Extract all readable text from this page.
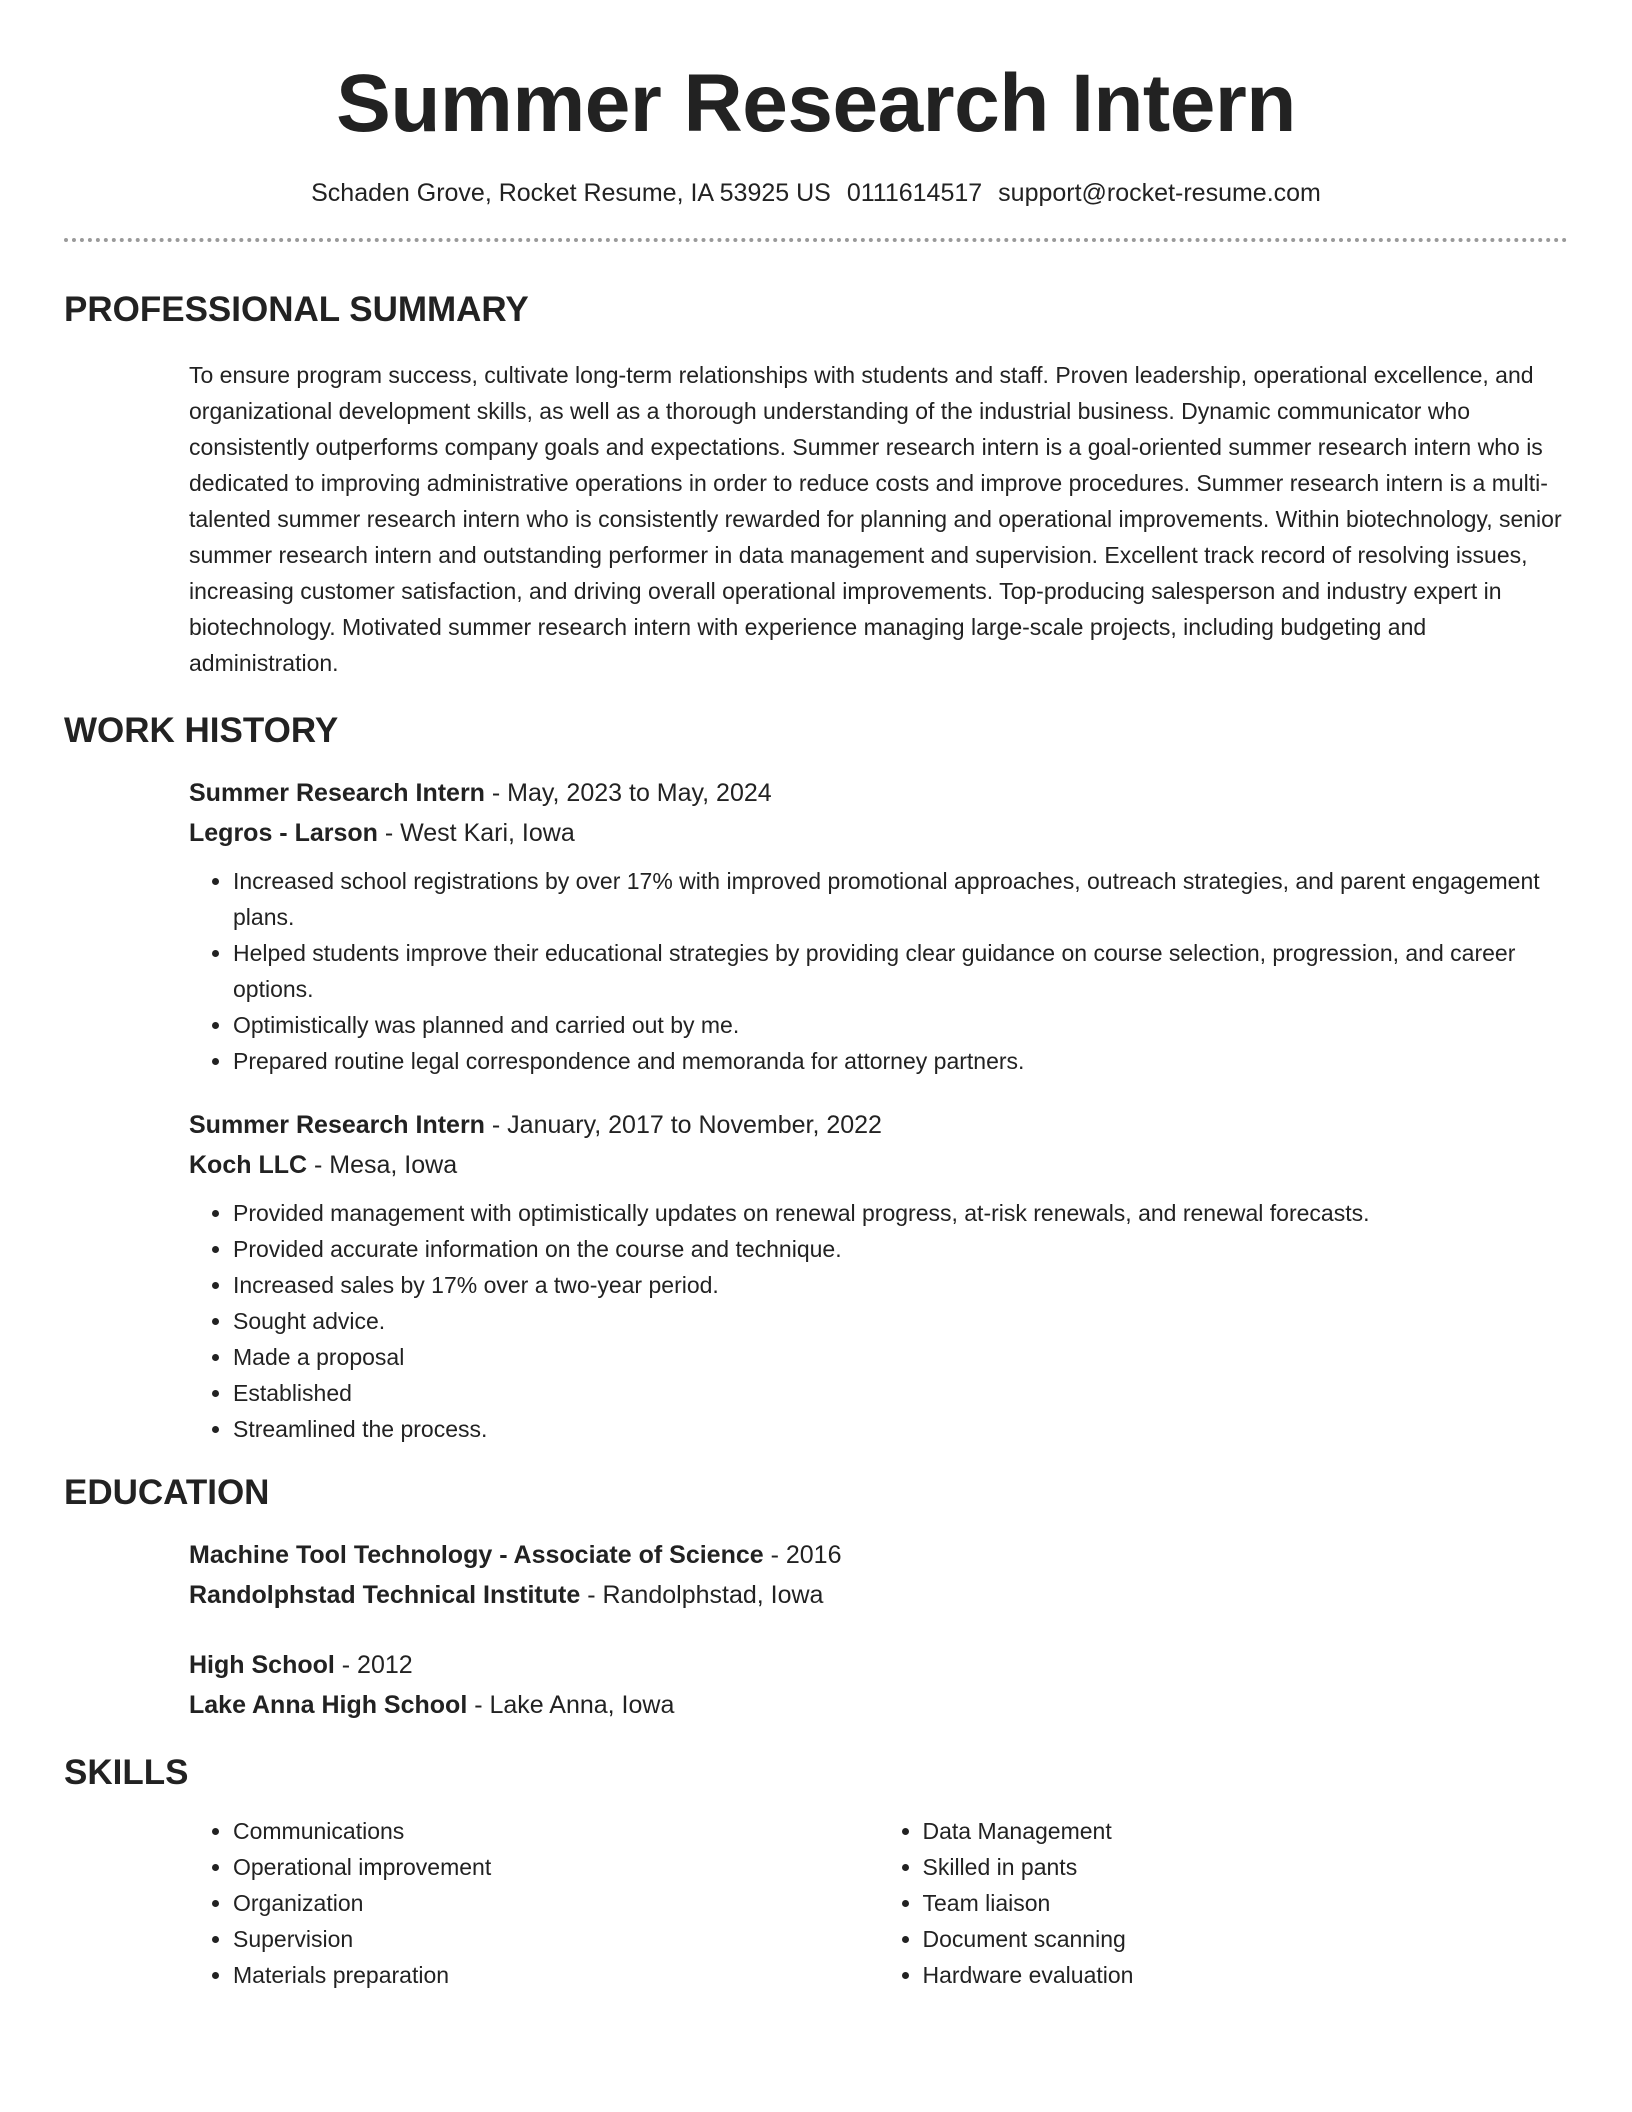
Summer Research Intern
Schaden Grove, Rocket Resume, IA 53925 US 0111614517 support@rocket-resume.com
PROFESSIONAL SUMMARY
To ensure program success, cultivate long-term relationships with students and staff. Proven leadership, operational excellence, and organizational development skills, as well as a thorough understanding of the industrial business. Dynamic communicator who consistently outperforms company goals and expectations. Summer research intern is a goal-oriented summer research intern who is dedicated to improving administrative operations in order to reduce costs and improve procedures. Summer research intern is a multi-talented summer research intern who is consistently rewarded for planning and operational improvements. Within biotechnology, senior summer research intern and outstanding performer in data management and supervision. Excellent track record of resolving issues, increasing customer satisfaction, and driving overall operational improvements. Top-producing salesperson and industry expert in biotechnology. Motivated summer research intern with experience managing large-scale projects, including budgeting and administration.
WORK HISTORY
Summer Research Intern - May, 2023 to May, 2024
Legros - Larson - West Kari, Iowa
• Increased school registrations by over 17% with improved promotional approaches, outreach strategies, and parent engagement plans.
• Helped students improve their educational strategies by providing clear guidance on course selection, progression, and career options.
• Optimistically was planned and carried out by me.
• Prepared routine legal correspondence and memoranda for attorney partners.
Summer Research Intern - January, 2017 to November, 2022
Koch LLC - Mesa, Iowa
• Provided management with optimistically updates on renewal progress, at-risk renewals, and renewal forecasts.
• Provided accurate information on the course and technique.
• Increased sales by 17% over a two-year period.
• Sought advice.
• Made a proposal
• Established
• Streamlined the process.
EDUCATION
Machine Tool Technology - Associate of Science - 2016
Randolphstad Technical Institute - Randolphstad, Iowa
High School - 2012
Lake Anna High School - Lake Anna, Iowa
SKILLS
• Communications
• Operational improvement
• Organization
• Supervision
• Materials preparation
• Data Management
• Skilled in pants
• Team liaison
• Document scanning
• Hardware evaluation
